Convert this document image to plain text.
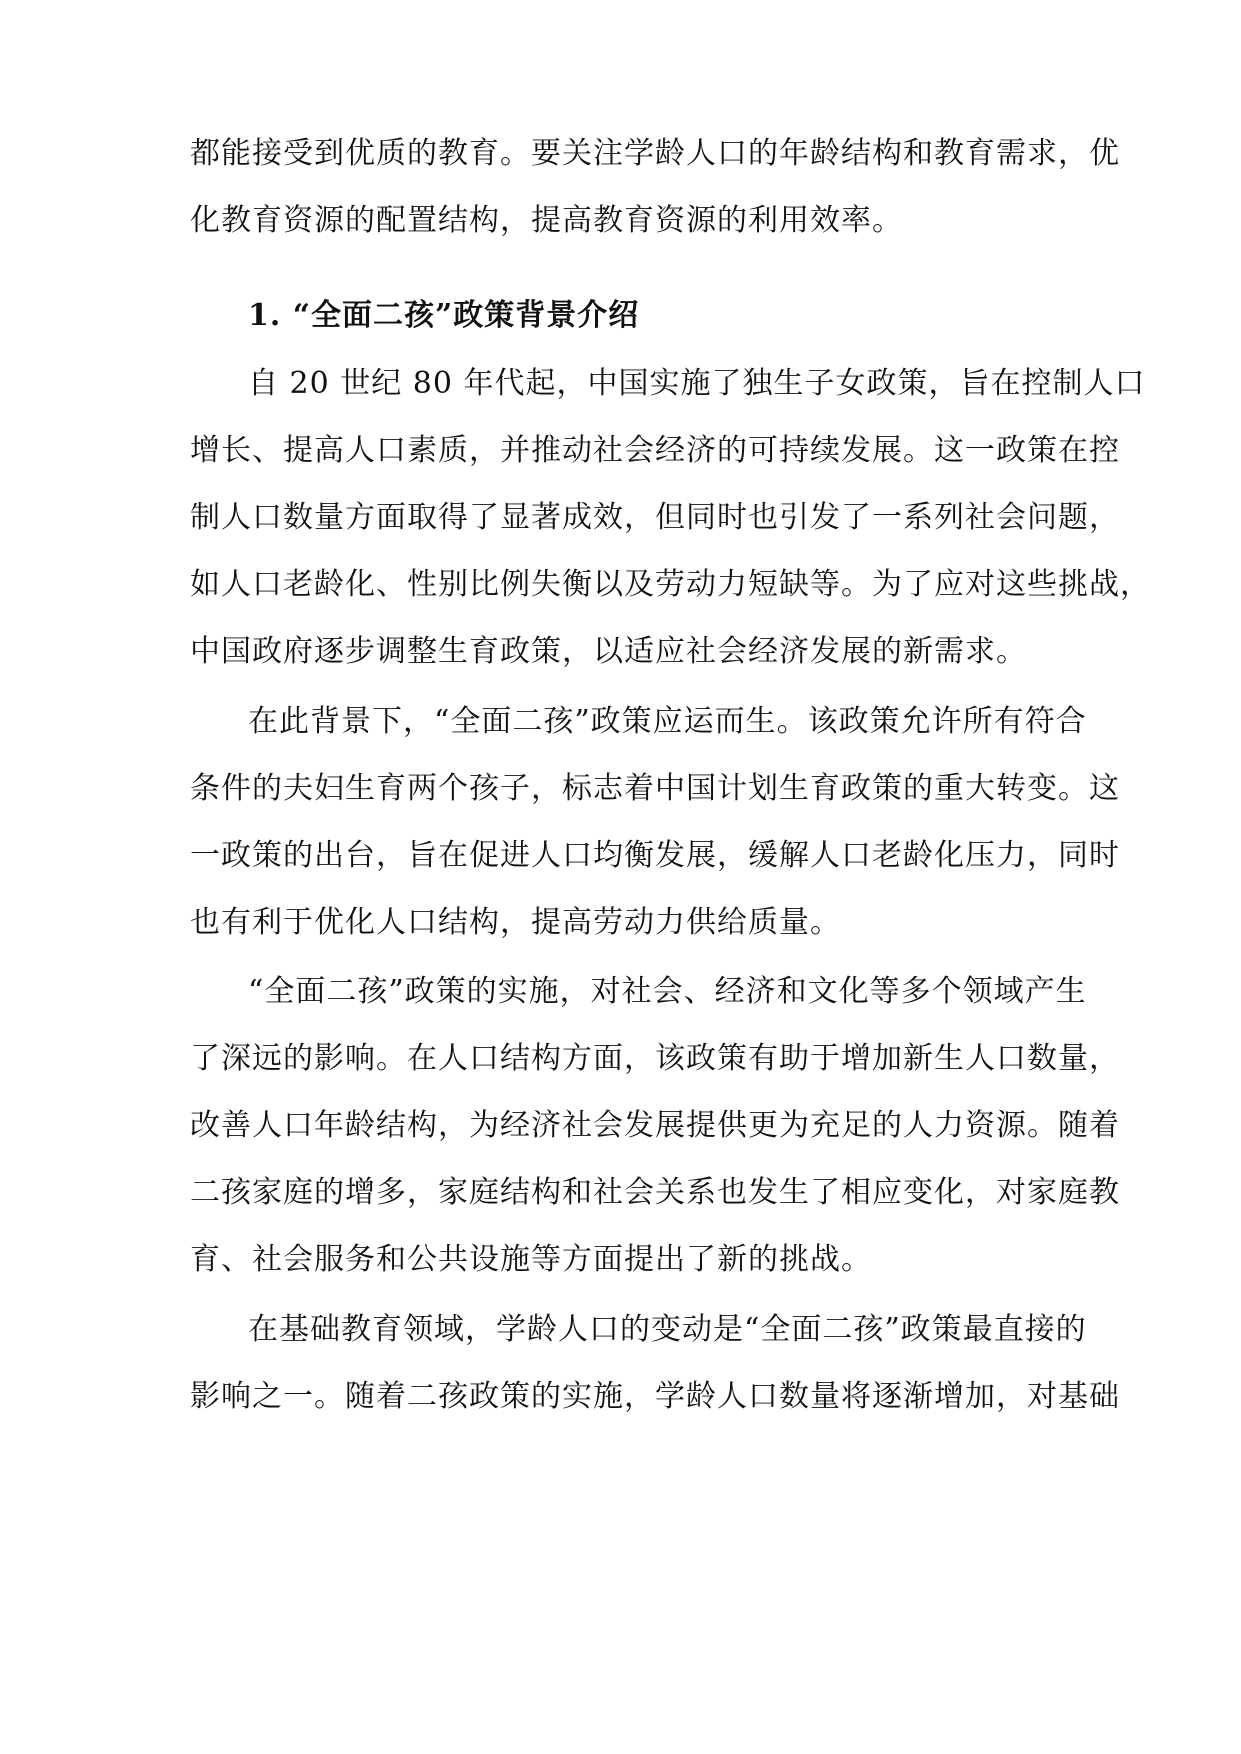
都能接受到优质的教育。要关注学龄人口的年龄结构和教育需求，优

化教育资源的配置结构，提高教育资源的利用效率。

1. “全面二孩”政策背景介绍

自 20 世纪 80 年代起，中国实施了独生子女政策，旨在控制人口

增长、提高人口素质，并推动社会经济的可持续发展。这一政策在控

制人口数量方面取得了显著成效，但同时也引发了一系列社会问题，

如人口老龄化、性别比例失衡以及劳动力短缺等。为了应对这些挑战，

中国政府逐步调整生育政策，以适应社会经济发展的新需求。

在此背景下，“全面二孩”政策应运而生。该政策允许所有符合

条件的夫妇生育两个孩子，标志着中国计划生育政策的重大转变。这

一政策的出台，旨在促进人口均衡发展，缓解人口老龄化压力，同时

也有利于优化人口结构，提高劳动力供给质量。

“全面二孩”政策的实施，对社会、经济和文化等多个领域产生

了深远的影响。在人口结构方面，该政策有助于增加新生人口数量，

改善人口年龄结构，为经济社会发展提供更为充足的人力资源。随着

二孩家庭的增多，家庭结构和社会关系也发生了相应变化，对家庭教

育、社会服务和公共设施等方面提出了新的挑战。

在基础教育领域，学龄人口的变动是“全面二孩”政策最直接的

影响之一。随着二孩政策的实施，学龄人口数量将逐渐增加，对基础
